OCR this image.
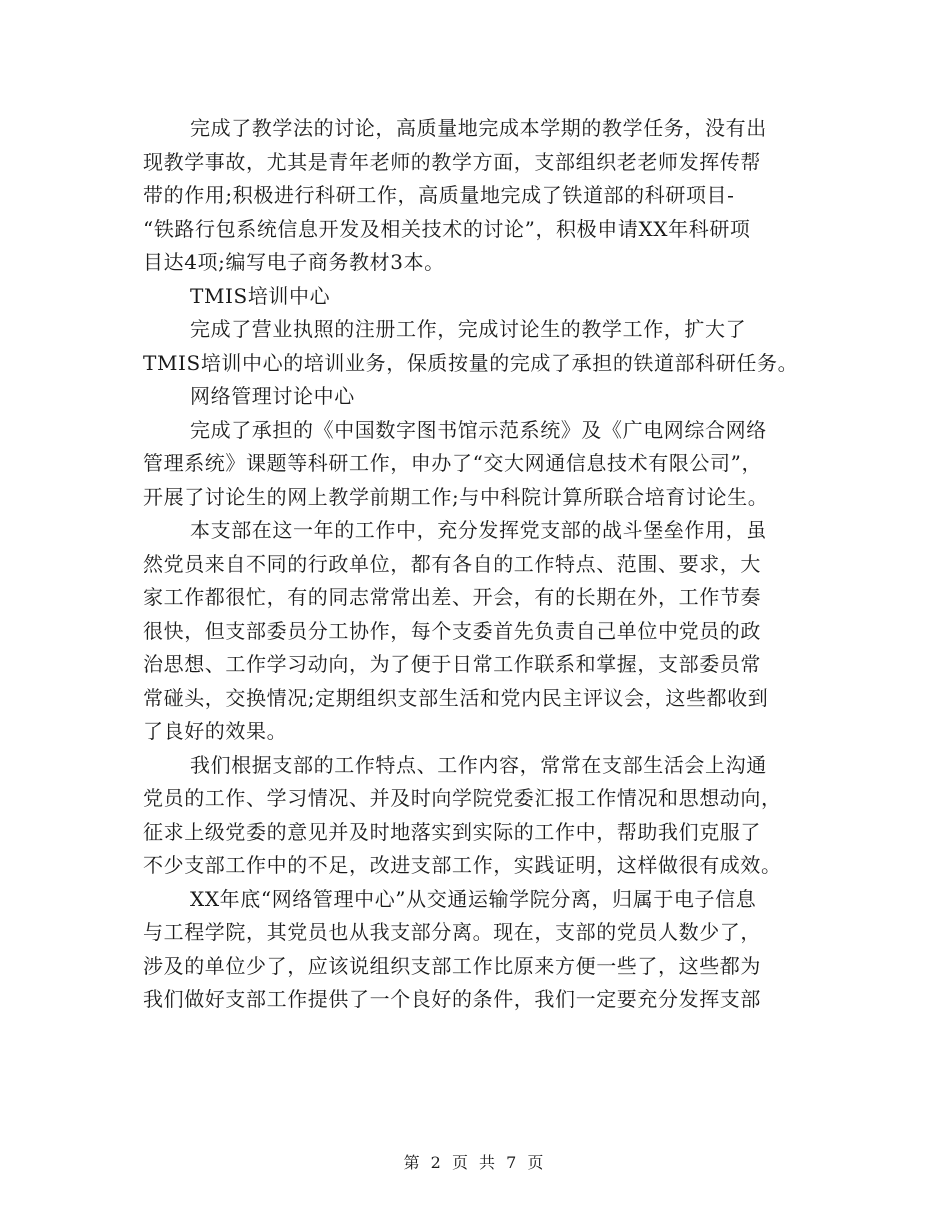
完成了教学法的讨论，高质量地完成本学期的教学任务，没有出
现教学事故，尤其是青年老师的教学方面，支部组织老老师发挥传帮
带的作用;积极进行科研工作，高质量地完成了铁道部的科研项目-
“铁路行包系统信息开发及相关技术的讨论”，积极申请XX年科研项
目达4项;编写电子商务教材3本。
TMIS培训中心
完成了营业执照的注册工作，完成讨论生的教学工作，扩大了
TMIS培训中心的培训业务，保质按量的完成了承担的铁道部科研任务。
网络管理讨论中心
完成了承担的《中国数字图书馆示范系统》及《广电网综合网络
管理系统》课题等科研工作，申办了“交大网通信息技术有限公司”，
开展了讨论生的网上教学前期工作;与中科院计算所联合培育讨论生。
本支部在这一年的工作中，充分发挥党支部的战斗堡垒作用，虽
然党员来自不同的行政单位，都有各自的工作特点、范围、要求，大
家工作都很忙，有的同志常常出差、开会，有的长期在外，工作节奏
很快，但支部委员分工协作，每个支委首先负责自己单位中党员的政
治思想、工作学习动向，为了便于日常工作联系和掌握，支部委员常
常碰头，交换情况;定期组织支部生活和党内民主评议会，这些都收到
了良好的效果。
我们根据支部的工作特点、工作内容，常常在支部生活会上沟通
党员的工作、学习情况、并及时向学院党委汇报工作情况和思想动向，
征求上级党委的意见并及时地落实到实际的工作中，帮助我们克服了
不少支部工作中的不足，改进支部工作，实践证明，这样做很有成效。
XX年底“网络管理中心”从交通运输学院分离，归属于电子信息
与工程学院，其党员也从我支部分离。现在，支部的党员人数少了，
涉及的单位少了，应该说组织支部工作比原来方便一些了，这些都为
我们做好支部工作提供了一个良好的条件，我们一定要充分发挥支部
第 2 页 共 7 页
